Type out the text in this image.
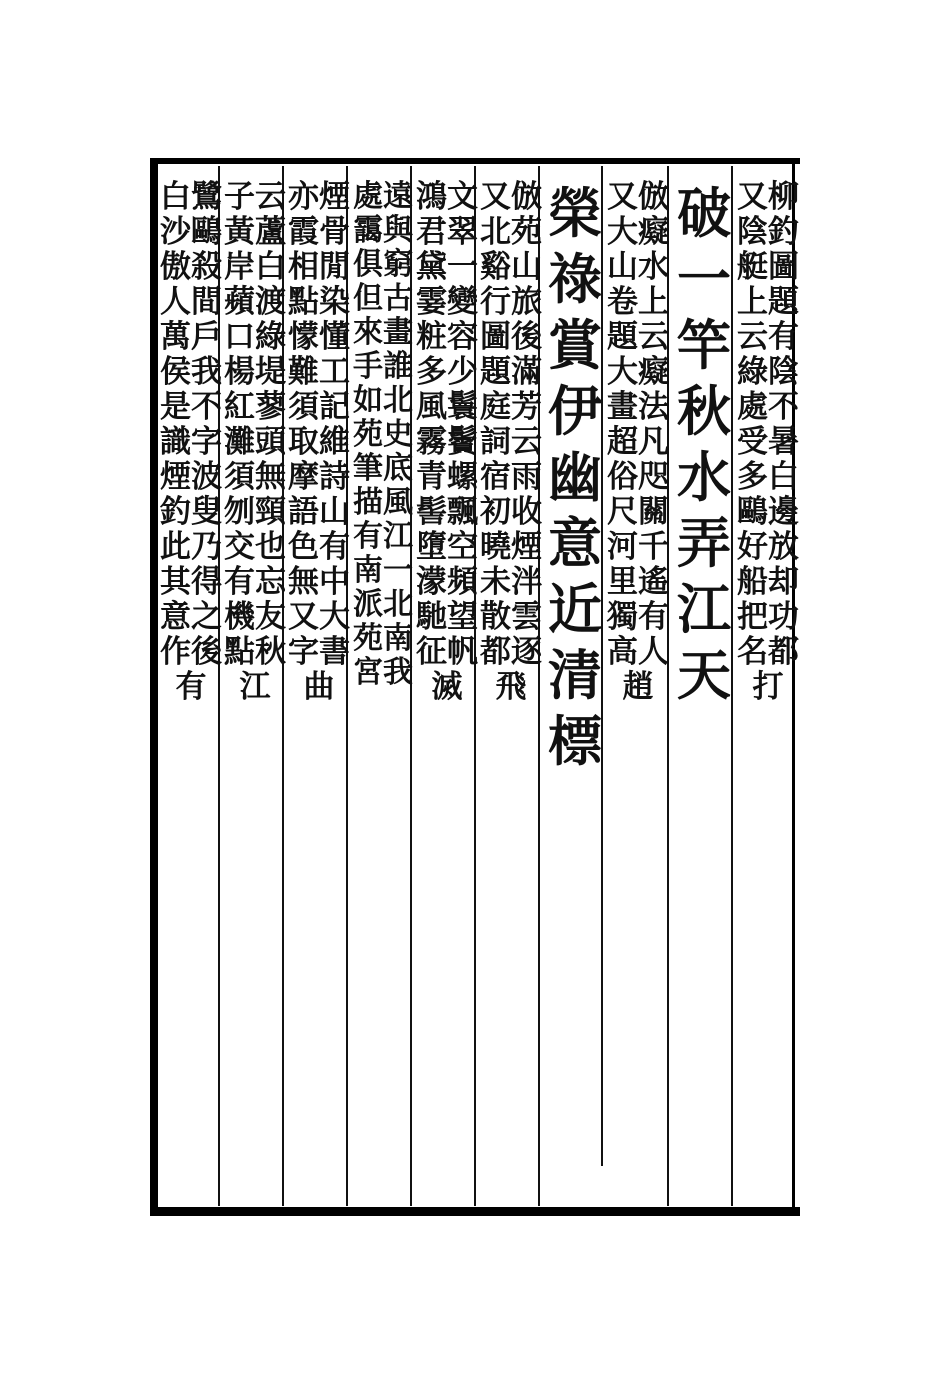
又柳陰釣艇圖上題云有綠陰處不受暑多白鷗邊好放船却把功名都打
破一竿秋水弄江天
又倣大癡山水卷上題云大癡畫法超凡俗咫尺關河千里遙獨有高人趙
榮祿賞伊幽意近清標
又倣北苑谿山行旅圖後題滿庭芳詞云宿雨初收曉煙未泮散雲都逐飛
鴻文君翠黛一霎變粧容多少風鬟霧鬢青螺髻飄墮空濛頻馳望征帆滅
處遠靄與俱窮但古來畫手誰如北苑史筆底描風有江南一派北苑南宮我
亦煙霞骨相閒點染懞懂難工須記取維摩詩語山色有無中又大字書曲
子云黃蘆岸白蘋渡口綠楊堤紅蓼灘頭須無刎頸交也有忘機友點秋江
白鷺沙鷗傲殺人間萬戶侯我是不識字煙波釣叟此乃其得意之作後有
